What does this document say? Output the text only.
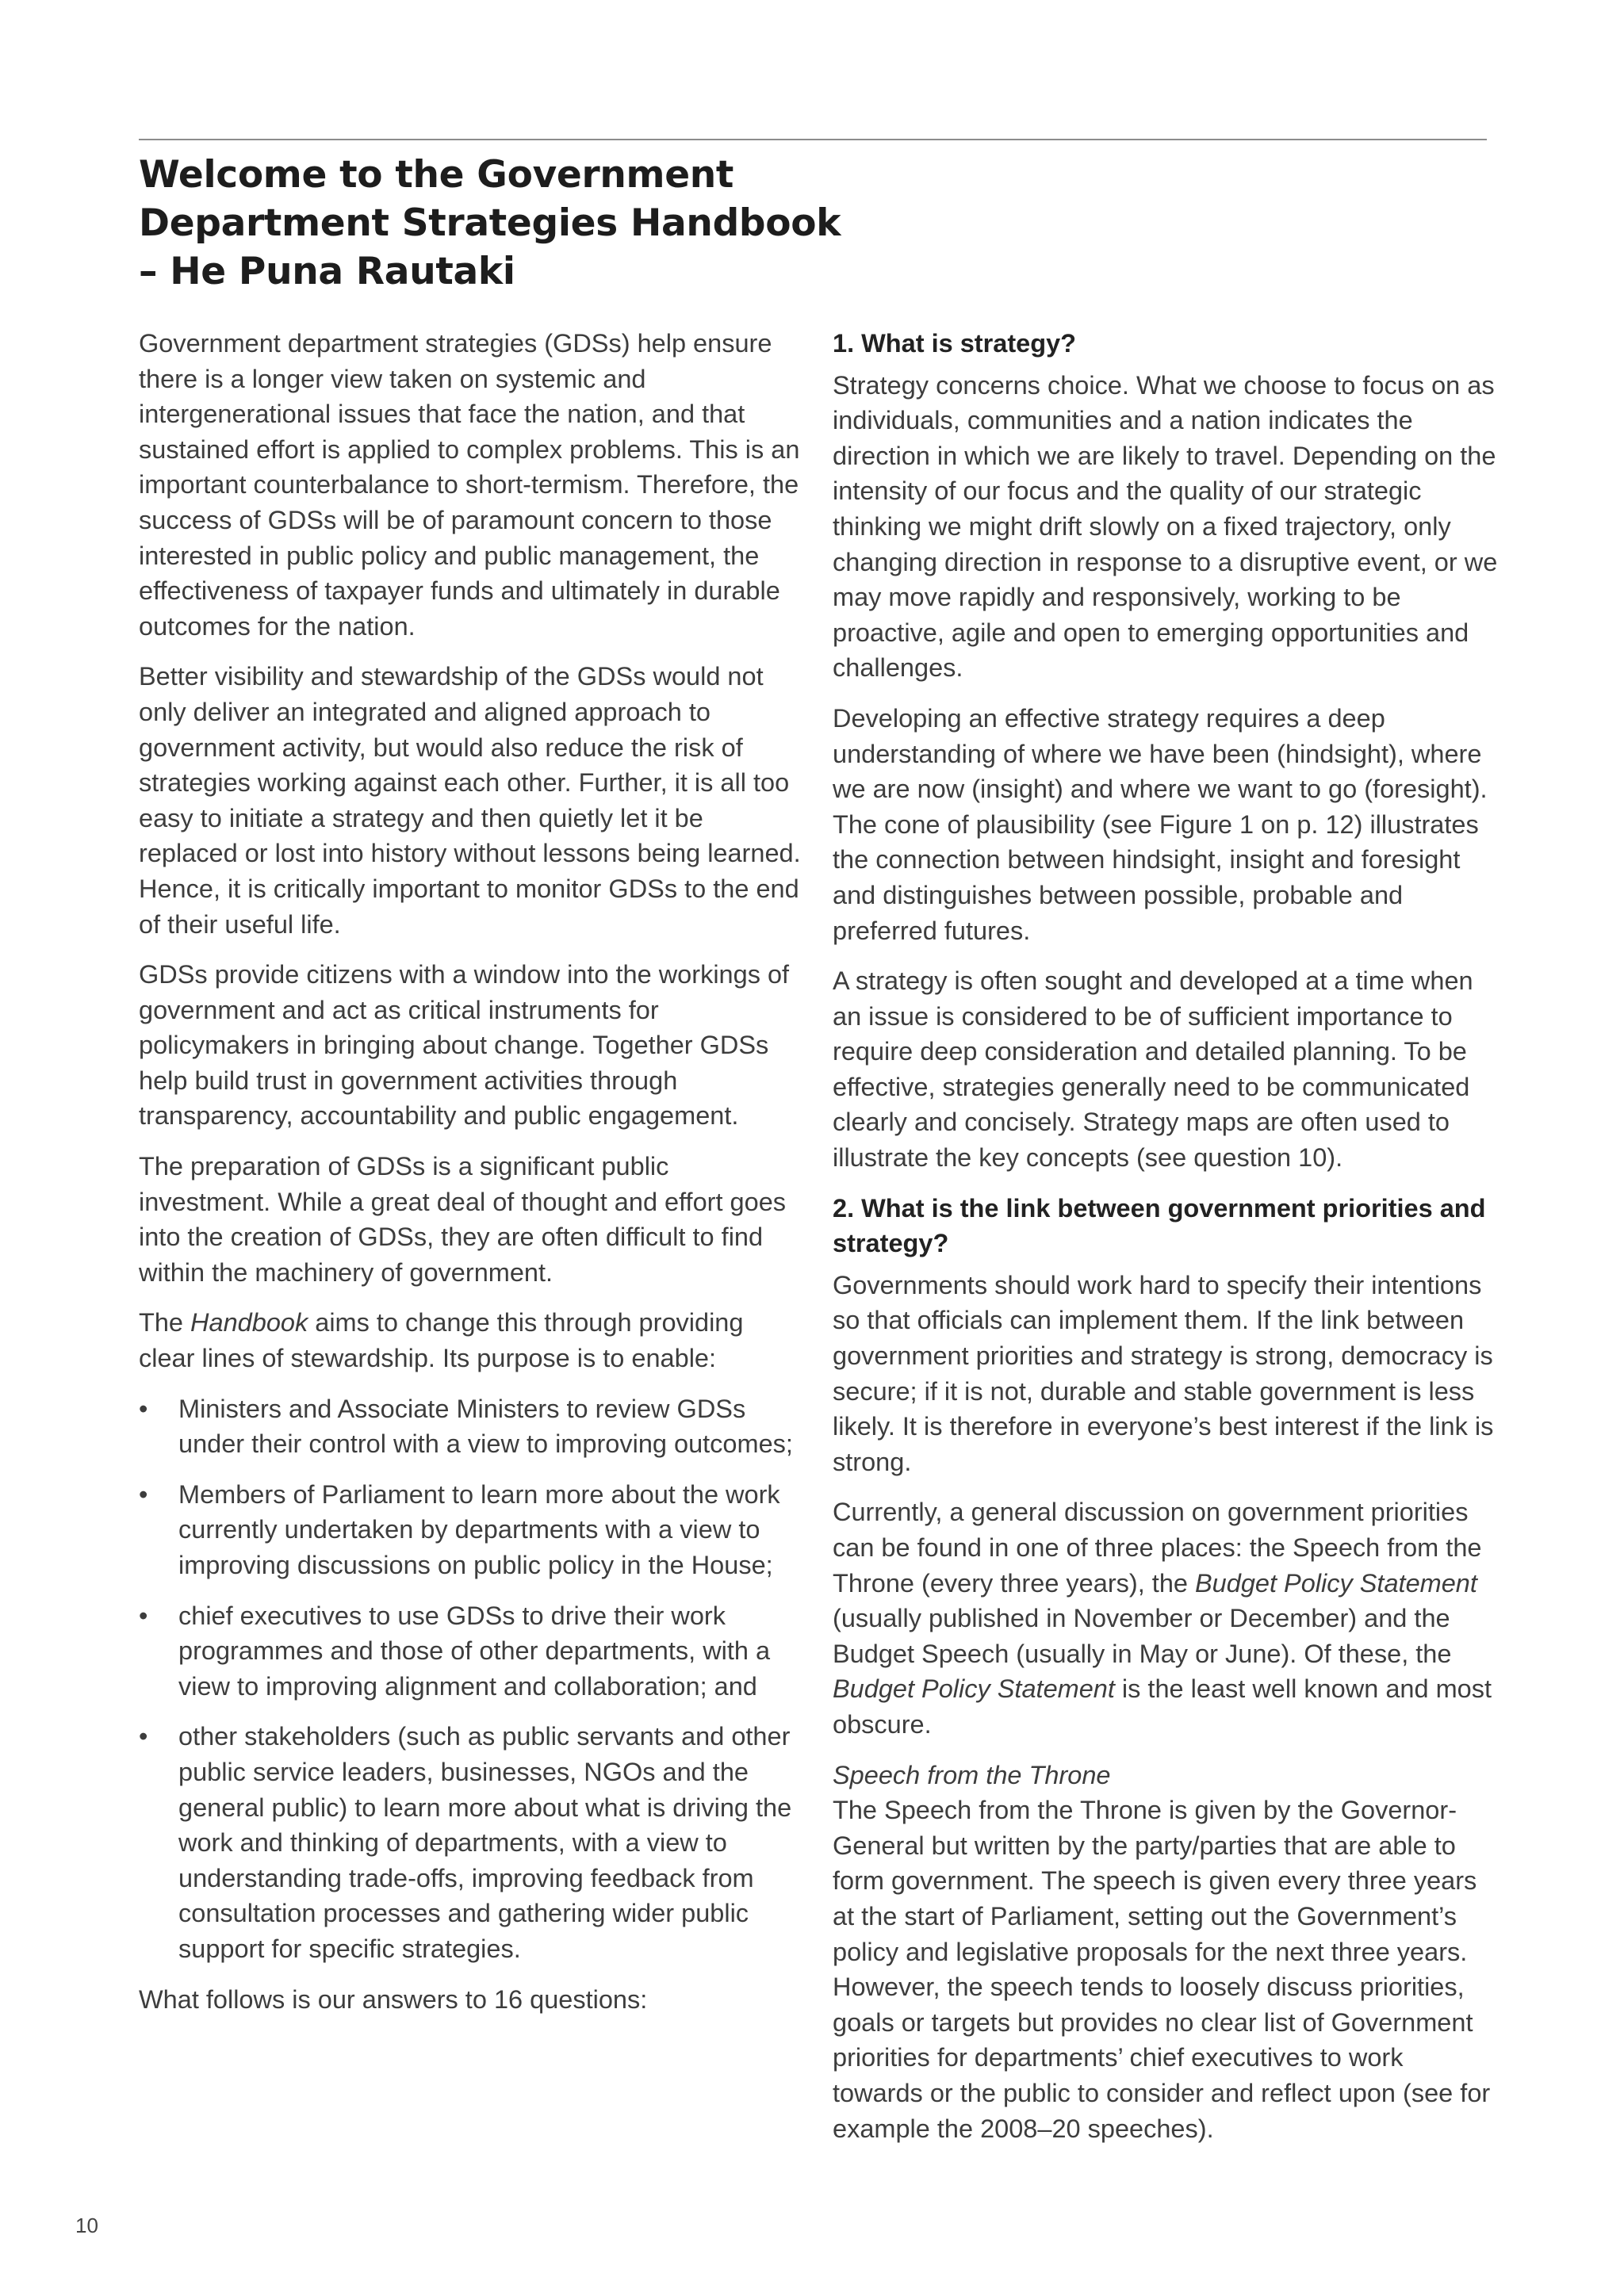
Welcome to the Government
Department Strategies Handbook
– He Puna Rautaki

Government department strategies (GDSs) help ensure there is a longer view taken on systemic and intergenerational issues that face the nation, and that sustained effort is applied to complex problems. This is an important counterbalance to short-termism. Therefore, the success of GDSs will be of paramount concern to those interested in public policy and public management, the effectiveness of taxpayer funds and ultimately in durable outcomes for the nation.

Better visibility and stewardship of the GDSs would not only deliver an integrated and aligned approach to government activity, but would also reduce the risk of strategies working against each other. Further, it is all too easy to initiate a strategy and then quietly let it be replaced or lost into history without lessons being learned. Hence, it is critically important to monitor GDSs to the end of their useful life.

GDSs provide citizens with a window into the workings of government and act as critical instruments for policymakers in bringing about change. Together GDSs help build trust in government activities through transparency, accountability and public engagement.

The preparation of GDSs is a significant public investment. While a great deal of thought and effort goes into the creation of GDSs, they are often difficult to find within the machinery of government.

The Handbook aims to change this through providing clear lines of stewardship. Its purpose is to enable:

• Ministers and Associate Ministers to review GDSs under their control with a view to improving outcomes;
• Members of Parliament to learn more about the work currently undertaken by departments with a view to improving discussions on public policy in the House;
• chief executives to use GDSs to drive their work programmes and those of other departments, with a view to improving alignment and collaboration; and
• other stakeholders (such as public servants and other public service leaders, businesses, NGOs and the general public) to learn more about what is driving the work and thinking of departments, with a view to understanding trade-offs, improving feedback from consultation processes and gathering wider public support for specific strategies.

What follows is our answers to 16 questions:

1. What is strategy?

Strategy concerns choice. What we choose to focus on as individuals, communities and a nation indicates the direction in which we are likely to travel. Depending on the intensity of our focus and the quality of our strategic thinking we might drift slowly on a fixed trajectory, only changing direction in response to a disruptive event, or we may move rapidly and responsively, working to be proactive, agile and open to emerging opportunities and challenges.

Developing an effective strategy requires a deep understanding of where we have been (hindsight), where we are now (insight) and where we want to go (foresight). The cone of plausibility (see Figure 1 on p. 12) illustrates the connection between hindsight, insight and foresight and distinguishes between possible, probable and preferred futures.

A strategy is often sought and developed at a time when an issue is considered to be of sufficient importance to require deep consideration and detailed planning. To be effective, strategies generally need to be communicated clearly and concisely. Strategy maps are often used to illustrate the key concepts (see question 10).

2. What is the link between government priorities and strategy?

Governments should work hard to specify their intentions so that officials can implement them. If the link between government priorities and strategy is strong, democracy is secure; if it is not, durable and stable government is less likely. It is therefore in everyone’s best interest if the link is strong.

Currently, a general discussion on government priorities can be found in one of three places: the Speech from the Throne (every three years), the Budget Policy Statement (usually published in November or December) and the Budget Speech (usually in May or June). Of these, the Budget Policy Statement is the least well known and most obscure.

Speech from the Throne

The Speech from the Throne is given by the Governor-General but written by the party/parties that are able to form government. The speech is given every three years at the start of Parliament, setting out the Government’s policy and legislative proposals for the next three years. However, the speech tends to loosely discuss priorities, goals or targets but provides no clear list of Government priorities for departments’ chief executives to work towards or the public to consider and reflect upon (see for example the 2008–20 speeches).

10
